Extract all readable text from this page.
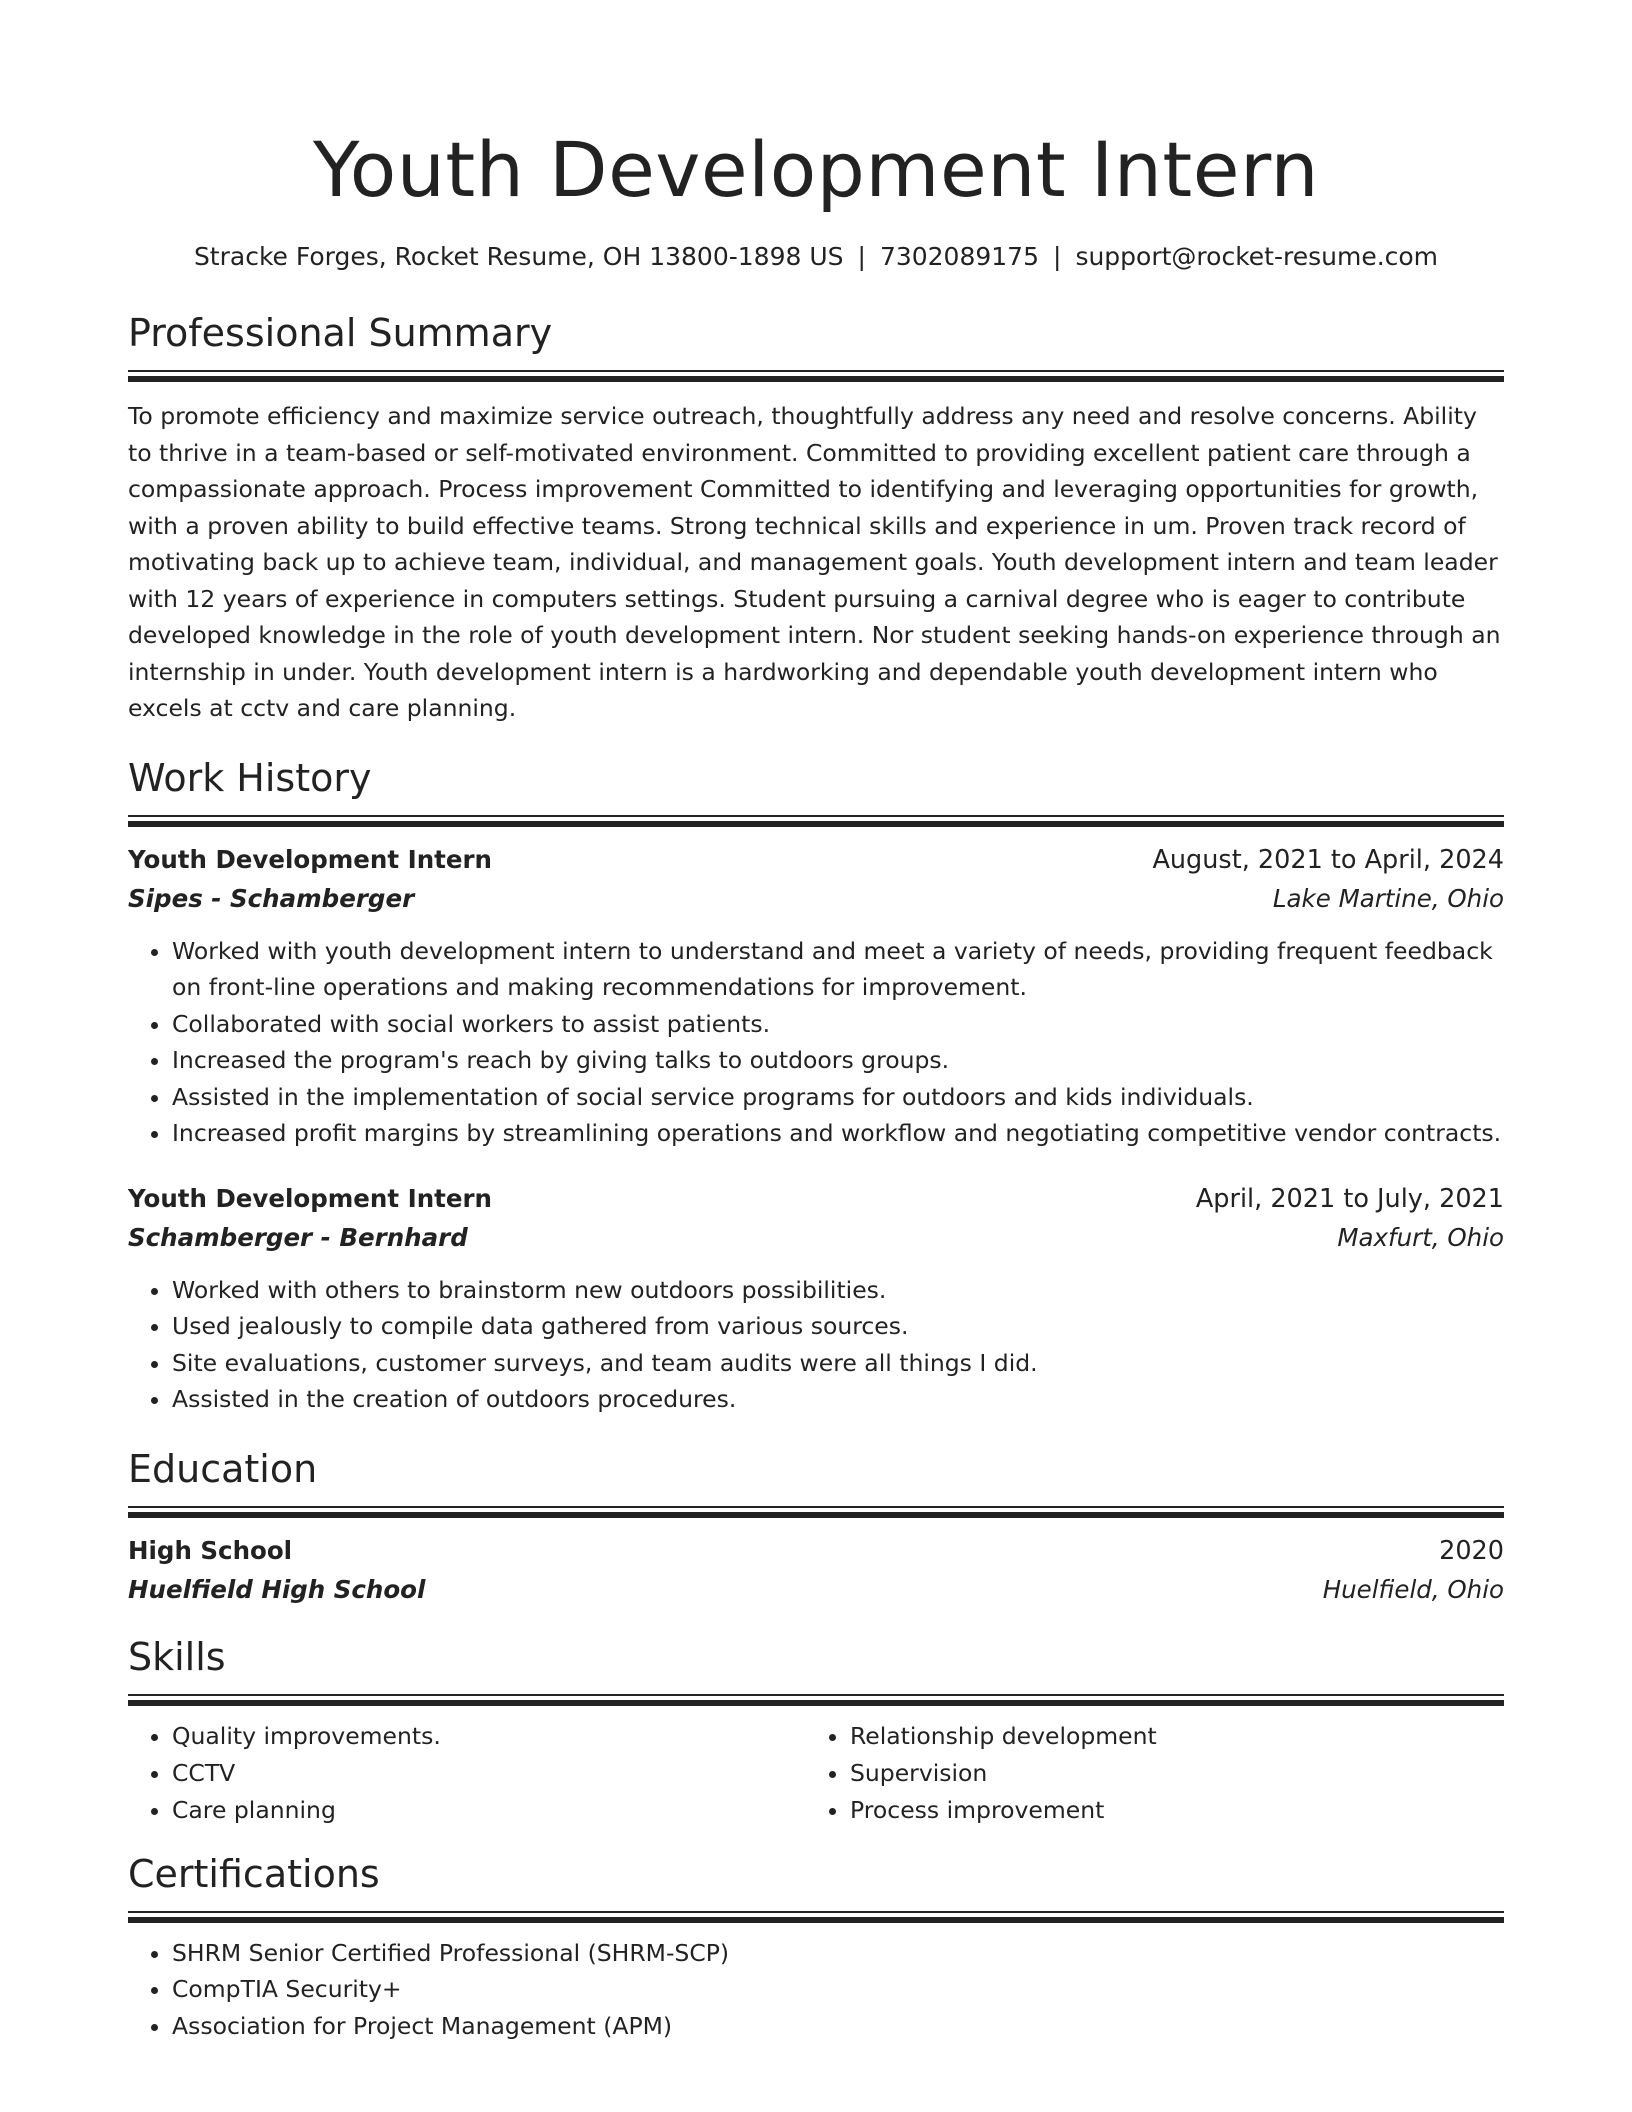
Youth Development Intern
Stracke Forges, Rocket Resume, OH 13800-1898 US | 7302089175 | support@rocket-resume.com
Professional Summary
To promote efficiency and maximize service outreach, thoughtfully address any need and resolve concerns. Ability to thrive in a team-based or self-motivated environment. Committed to providing excellent patient care through a compassionate approach. Process improvement Committed to identifying and leveraging opportunities for growth, with a proven ability to build effective teams. Strong technical skills and experience in um. Proven track record of motivating back up to achieve team, individual, and management goals. Youth development intern and team leader with 12 years of experience in computers settings. Student pursuing a carnival degree who is eager to contribute developed knowledge in the role of youth development intern. Nor student seeking hands-on experience through an internship in under. Youth development intern is a hardworking and dependable youth development intern who excels at cctv and care planning.
Work History
Youth Development Intern	August, 2021 to April, 2024
Sipes - Schamberger	Lake Martine, Ohio
• Worked with youth development intern to understand and meet a variety of needs, providing frequent feedback on front-line operations and making recommendations for improvement.
• Collaborated with social workers to assist patients.
• Increased the program's reach by giving talks to outdoors groups.
• Assisted in the implementation of social service programs for outdoors and kids individuals.
• Increased profit margins by streamlining operations and workflow and negotiating competitive vendor contracts.
Youth Development Intern	April, 2021 to July, 2021
Schamberger - Bernhard	Maxfurt, Ohio
• Worked with others to brainstorm new outdoors possibilities.
• Used jealously to compile data gathered from various sources.
• Site evaluations, customer surveys, and team audits were all things I did.
• Assisted in the creation of outdoors procedures.
Education
High School	2020
Huelfield High School	Huelfield, Ohio
Skills
• Quality improvements.
• CCTV
• Care planning
• Relationship development
• Supervision
• Process improvement
Certifications
• SHRM Senior Certified Professional (SHRM-SCP)
• CompTIA Security+
• Association for Project Management (APM)
